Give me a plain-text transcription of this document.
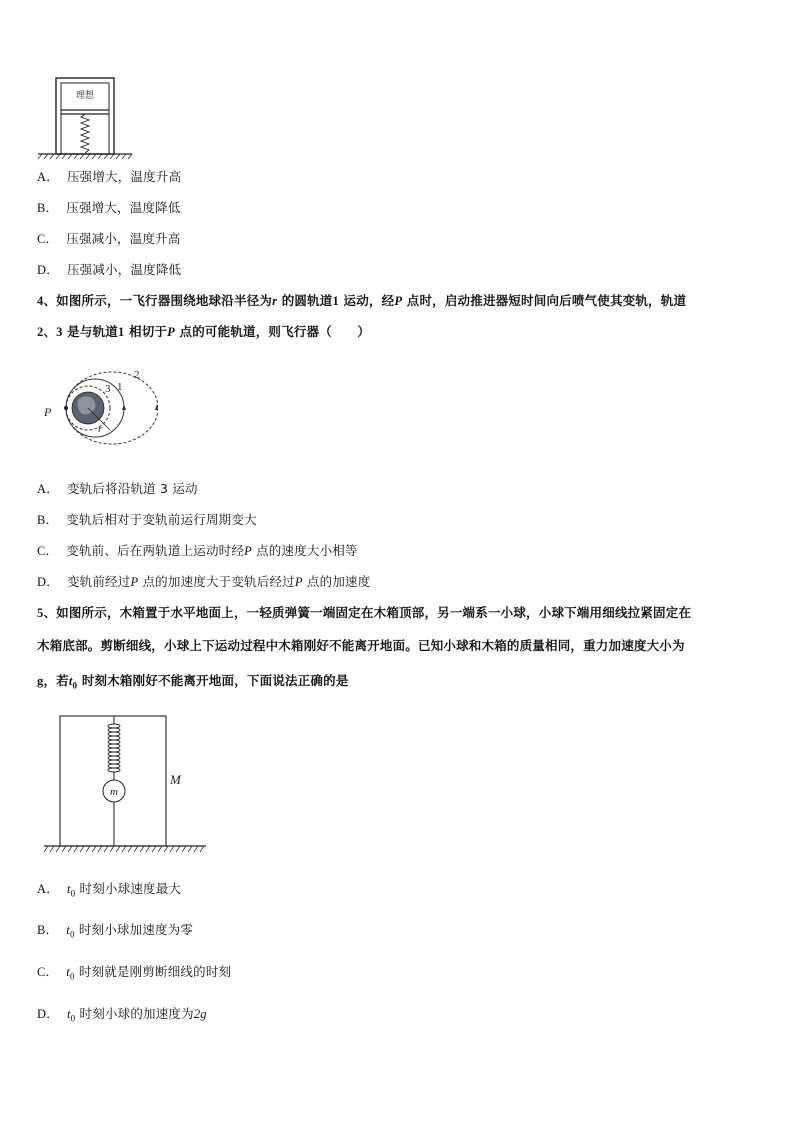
理想
A． 压强增大，温度升高
B． 压强增大，温度降低
C． 压强减小，温度升高
D． 压强减小，温度降低
4、如图所示，一飞行器围绕地球沿半径为r 的圆轨道1 运动，经P 点时，启动推进器短时间向后喷气使其变轨，轨道
2、3 是与轨道1 相切于P 点的可能轨道，则飞行器（　　）
P
r
3 1
2
A． 变轨后将沿轨道 3 运动
B． 变轨后相对于变轨前运行周期变大
C． 变轨前、后在两轨道上运动时经P 点的速度大小相等
D． 变轨前经过P 点的加速度大于变轨后经过P 点的加速度
5、如图所示，木箱置于水平地面上，一轻质弹簧一端固定在木箱顶部，另一端系一小球，小球下端用细线拉紧固定在
木箱底部。剪断细线，小球上下运动过程中木箱刚好不能离开地面。已知小球和木箱的质量相同，重力加速度大小为
g，若$t_0$ 时刻木箱刚好不能离开地面，下面说法正确的是
m
M
A． $t_0$ 时刻小球速度最大
B． $t_0$ 时刻小球加速度为零
C． $t_0$ 时刻就是刚剪断细线的时刻
D． $t_0$ 时刻小球的加速度为2g
